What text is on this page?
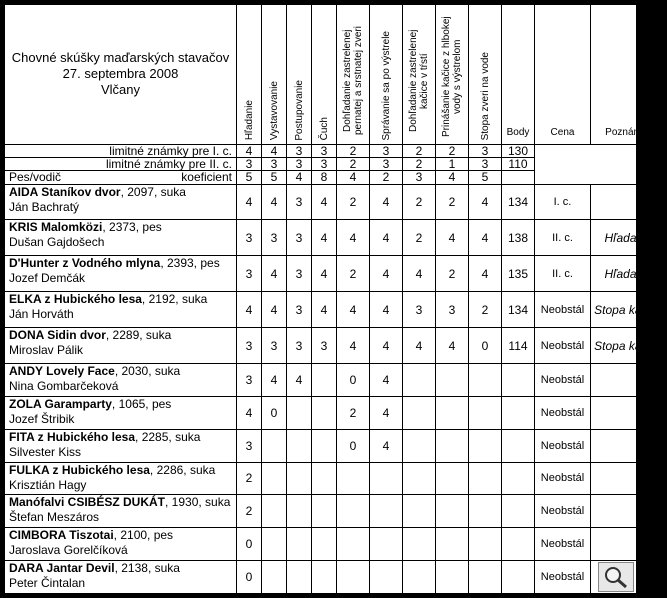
Chovné skúšky maďarských stavačov
27. septembra 2008
Vlčany	Hľadanie	Vystavovanie	Postupovanie	Čuch	Dohľadanie zastrelenej pernatej a srstnatej zveri	Správanie sa po výstrele	Dohľadanie zastrelenej kačice v tŕstí	Prinášanie kačice z hlbokej vody s výstrelom	Stopa zveri na vode	Body	Cena	Poznámky
limitné známky pre I. c.	4	4	3	3	2	3	2	2	3	130		
limitné známky pre II. c.	3	3	3	3	2	3	2	1	3	110		

Pes/vodič koeficient	5	5	4	8	4	2	3	4	5			
AIDA Staníkov dvor, 2097, suka
Ján Bachratý	4	4	3	4	2	4	2	2	4	134	I. c.	
KRIS Malomközi, 2373, pes
Dušan Gajdošech	3	3	3	4	4	4	2	4	4	138	II. c.	Hľadanie
D'Hunter z Vodného mlyna, 2393, pes
Jozef Demčák	3	4	3	4	2	4	4	2	4	135	II. c.	Hľadanie
ELKA z Hubického lesa, 2192, suka
Ján Horváth	4	4	3	4	4	4	3	3	2	134	Neobstál	Stopa kačice
DONA Sidin dvor, 2289, suka
Miroslav Pálik	3	3	3	3	4	4	4	4	0	114	Neobstál	Stopa kačice
ANDY Lovely Face, 2030, suka
Nina Gombarčeková	3	4	4		0	4					Neobstál	
ZOLA Garamparty, 1065, pes
Jozef Štribik	4	0			2	4					Neobstál	
FITA z Hubického lesa, 2285, suka
Silvester Kiss	3				0	4					Neobstál	
FULKA z Hubického lesa, 2286, suka
Krisztián Hagy	2										Neobstál	
Manófalvi CSIBÉSZ DUKÁT, 1930, suka
Štefan Meszáros	2										Neobstál	
CIMBORA Tiszotai, 2100, pes
Jaroslava Gorelčíková	0										Neobstál	
DARA Jantar Devil, 2138, suka
Peter Čintalan	0										Neobstál	
